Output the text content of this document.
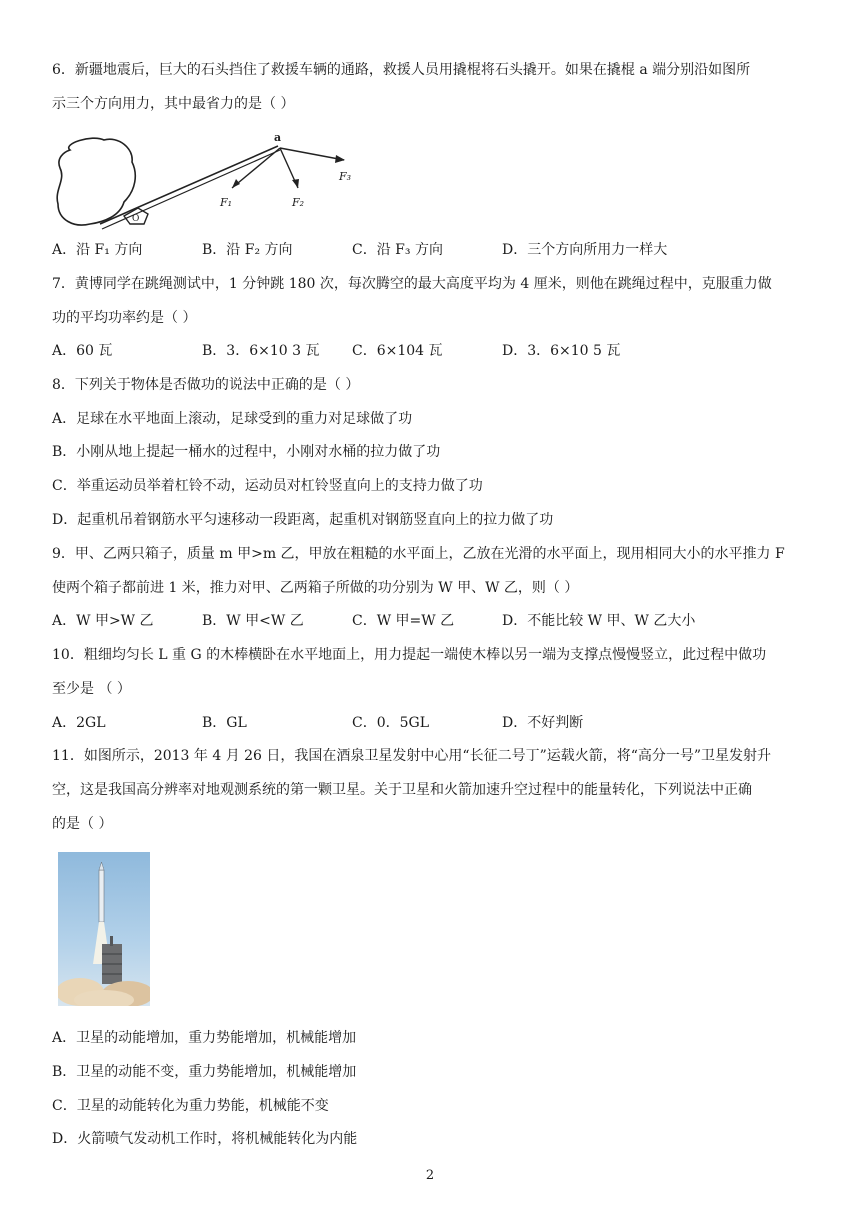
6．新疆地震后，巨大的石头挡住了救援车辆的通路，救援人员用撬棍将石头撬开。如果在撬棍 a 端分别沿如图所
示三个方向用力，其中最省力的是（ ）
O
a
F₁	F₂
F₃
A．沿 F₁ 方向	B．沿 F₂ 方向	C．沿 F₃ 方向	D．三个方向所用力一样大
7．黄博同学在跳绳测试中，1 分钟跳 180 次，每次腾空的最大高度平均为 4 厘米，则他在跳绳过程中，克服重力做
功的平均功率约是（ ）
A．60 瓦	B．3．6×10 3 瓦 C．6×104 瓦	D．3．6×10 5 瓦
8．下列关于物体是否做功的说法中正确的是（ ）
A．足球在水平地面上滚动，足球受到的重力对足球做了功
B．小刚从地上提起一桶水的过程中，小刚对水桶的拉力做了功
C．举重运动员举着杠铃不动，运动员对杠铃竖直向上的支持力做了功
D．起重机吊着钢筋水平匀速移动一段距离，起重机对钢筋竖直向上的拉力做了功
9．甲、乙两只箱子，质量 m 甲>m 乙，甲放在粗糙的水平面上，乙放在光滑的水平面上，现用相同大小的水平推力 F
使两个箱子都前进 1 米，推力对甲、乙两箱子所做的功分别为 W 甲、W 乙，则（ ）
A．W 甲>W 乙	B．W 甲<W 乙	C．W 甲=W 乙	D．不能比较 W 甲、W 乙大小
10．粗细均匀长 L 重 G 的木棒横卧在水平地面上，用力提起一端使木棒以另一端为支撑点慢慢竖立，此过程中做功
至少是 （ ）
A．2GL	B．GL	C．0．5GL	D．不好判断
11．如图所示，2013 年 4 月 26 日，我国在酒泉卫星发射中心用“长征二号丁”运载火箭，将“高分一号”卫星发射升
空，这是我国高分辨率对地观测系统的第一颗卫星。关于卫星和火箭加速升空过程中的能量转化，下列说法中正确
的是（ ）
A．卫星的动能增加，重力势能增加，机械能增加
B．卫星的动能不变，重力势能增加，机械能增加
C．卫星的动能转化为重力势能，机械能不变
D．火箭喷气发动机工作时，将机械能转化为内能
2
